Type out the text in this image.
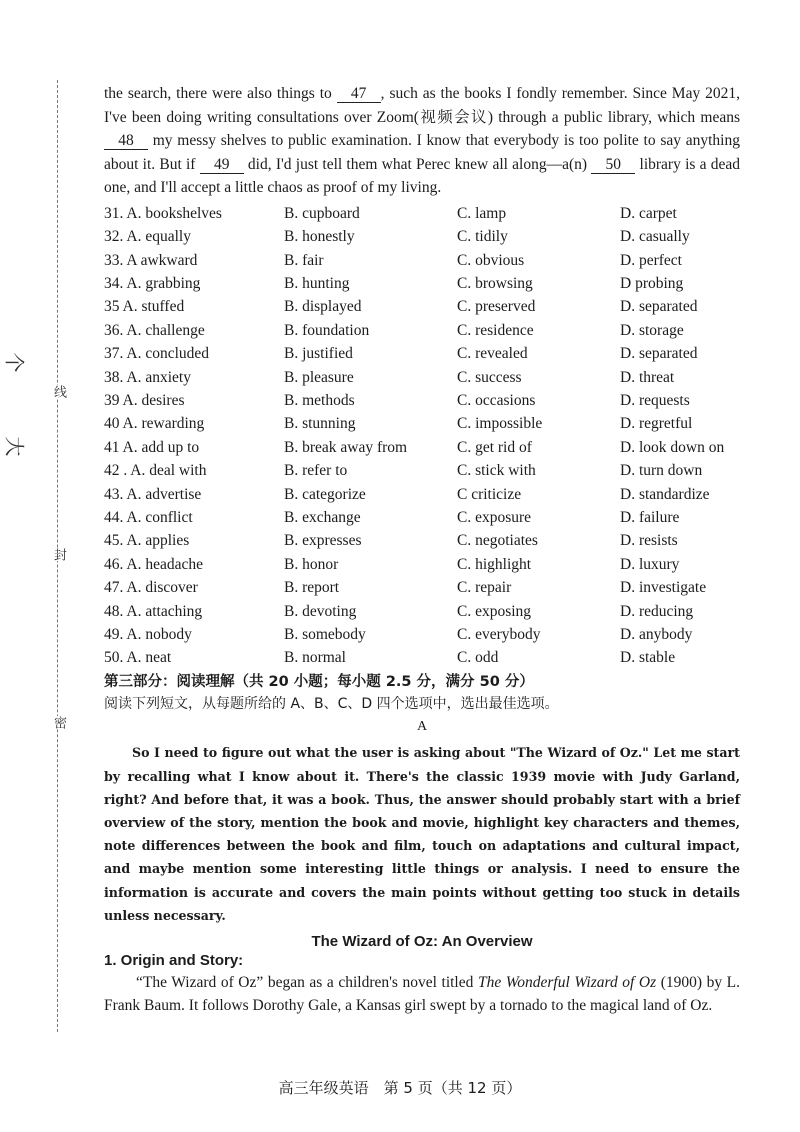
线
封
密
个
大

the search, there were also things to 47 , such as the books I fondly remember. Since May 2021, I've been doing writing consultations over Zoom(视频会议) through a public library, which means 48 my messy shelves to public examination. I know that everybody is too polite to say anything about it. But if 49 did, I'd just tell them what Perec knew all along—a(n) 50 library is a dead one, and I'll accept a little chaos as proof of my living.

31. A. bookshelves	B. cupboard	C. lamp	D. carpet
32. A. equally	B. honestly	C. tidily	D. casually
33. A awkward	B. fair	C. obvious	D. perfect
34. A. grabbing	B. hunting	C. browsing	D probing
35 A. stuffed	B. displayed	C. preserved	D. separated
36. A. challenge	B. foundation	C. residence	D. storage
37. A. concluded	B. justified	C. revealed	D. separated
38. A. anxiety	B. pleasure	C. success	D. threat
39 A. desires	B. methods	C. occasions	D. requests
40 A. rewarding	B. stunning	C. impossible	D. regretful
41 A. add up to	B. break away from	C. get rid of	D. look down on
42 . A. deal with	B. refer to	C. stick with	D. turn down
43. A. advertise	B. categorize	C criticize	D. standardize
44. A. conflict	B. exchange	C. exposure	D. failure
45. A. applies	B. expresses	C. negotiates	D. resists
46. A. headache	B. honor	C. highlight	D. luxury
47. A. discover	B. report	C. repair	D. investigate
48. A. attaching	B. devoting	C. exposing	D. reducing
49. A. nobody	B. somebody	C. everybody	D. anybody
50. A. neat	B. normal	C. odd	D. stable
第三部分：阅读理解（共 20 小题；每小题 2.5 分，满分 50 分）
阅读下列短文，从每题所给的 A、B、C、D 四个选项中，选出最佳选项。
A

So I need to figure out what the user is asking about "The Wizard of Oz." Let me start by recalling what I know about it. There's the classic 1939 movie with Judy Garland, right? And before that, it was a book. Thus, the answer should probably start with a brief overview of the story, mention the book and movie, highlight key characters and themes, note differences between the book and film, touch on adaptations and cultural impact, and maybe mention some interesting little things or analysis. I need to ensure the information is accurate and covers the main points without getting too stuck in details unless necessary.

The Wizard of Oz: An Overview
1. Origin and Story:

“The Wizard of Oz” began as a children's novel titled The Wonderful Wizard of Oz (1900) by L. Frank Baum. It follows Dorothy Gale, a Kansas girl swept by a tornado to the magical land of Oz.

高三年级英语　第 5 页（共 12 页）
